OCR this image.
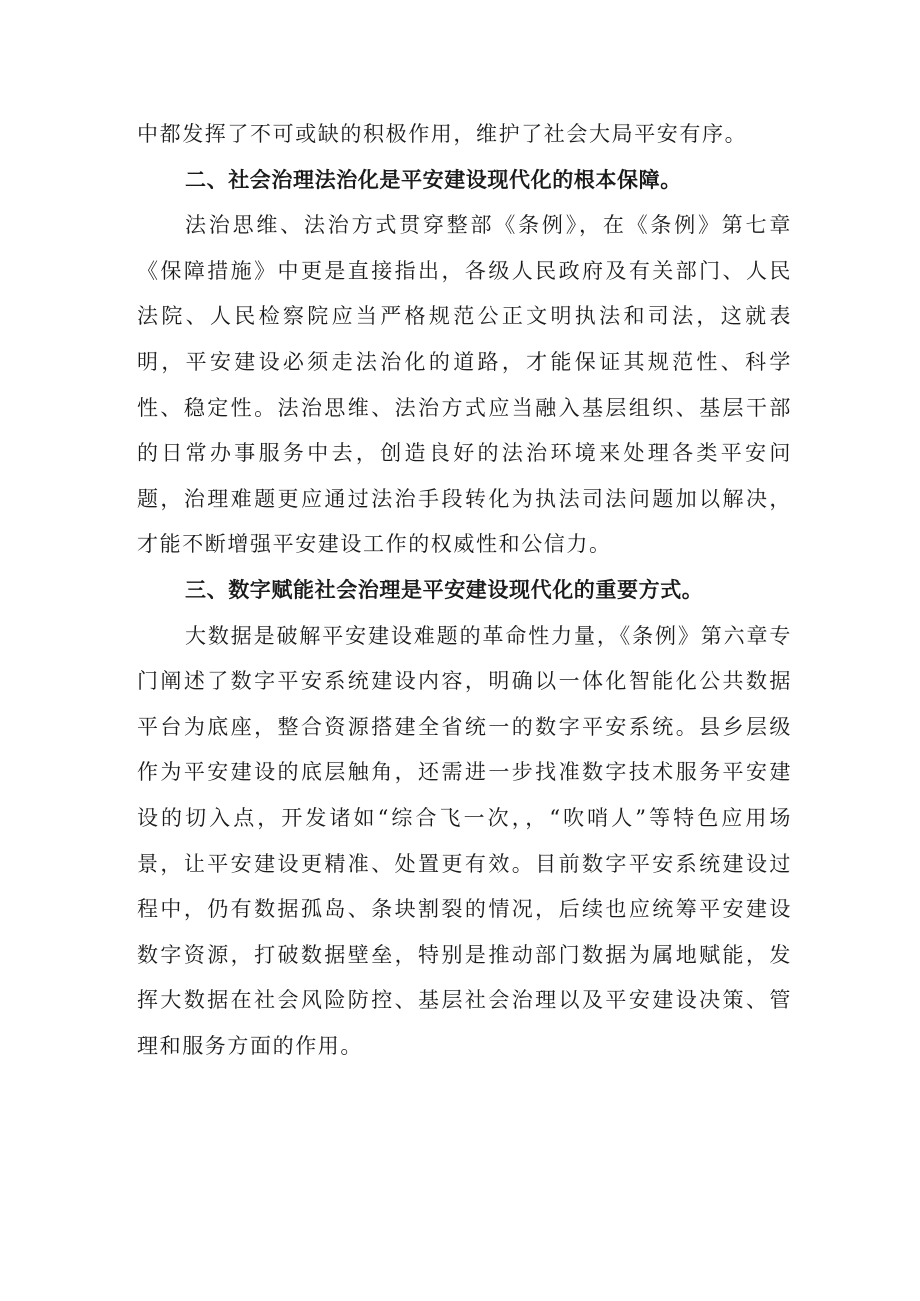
中都发挥了不可或缺的积极作用，维护了社会大局平安有序。

二、社会治理法治化是平安建设现代化的根本保障。

法治思维、法治方式贯穿整部《条例》，在《条例》第七章《保障措施》中更是直接指出，各级人民政府及有关部门、人民法院、人民检察院应当严格规范公正文明执法和司法，这就表明，平安建设必须走法治化的道路，才能保证其规范性、科学性、稳定性。法治思维、法治方式应当融入基层组织、基层干部的日常办事服务中去，创造良好的法治环境来处理各类平安问题，治理难题更应通过法治手段转化为执法司法问题加以解决，才能不断增强平安建设工作的权威性和公信力。

三、数字赋能社会治理是平安建设现代化的重要方式。

大数据是破解平安建设难题的革命性力量，《条例》第六章专门阐述了数字平安系统建设内容，明确以一体化智能化公共数据平台为底座，整合资源搭建全省统一的数字平安系统。县乡层级作为平安建设的底层触角，还需进一步找准数字技术服务平安建设的切入点，开发诸如“综合飞一次，，“吹哨人”等特色应用场景，让平安建设更精准、处置更有效。目前数字平安系统建设过程中，仍有数据孤岛、条块割裂的情况，后续也应统筹平安建设数字资源，打破数据壁垒，特别是推动部门数据为属地赋能，发挥大数据在社会风险防控、基层社会治理以及平安建设决策、管理和服务方面的作用。
